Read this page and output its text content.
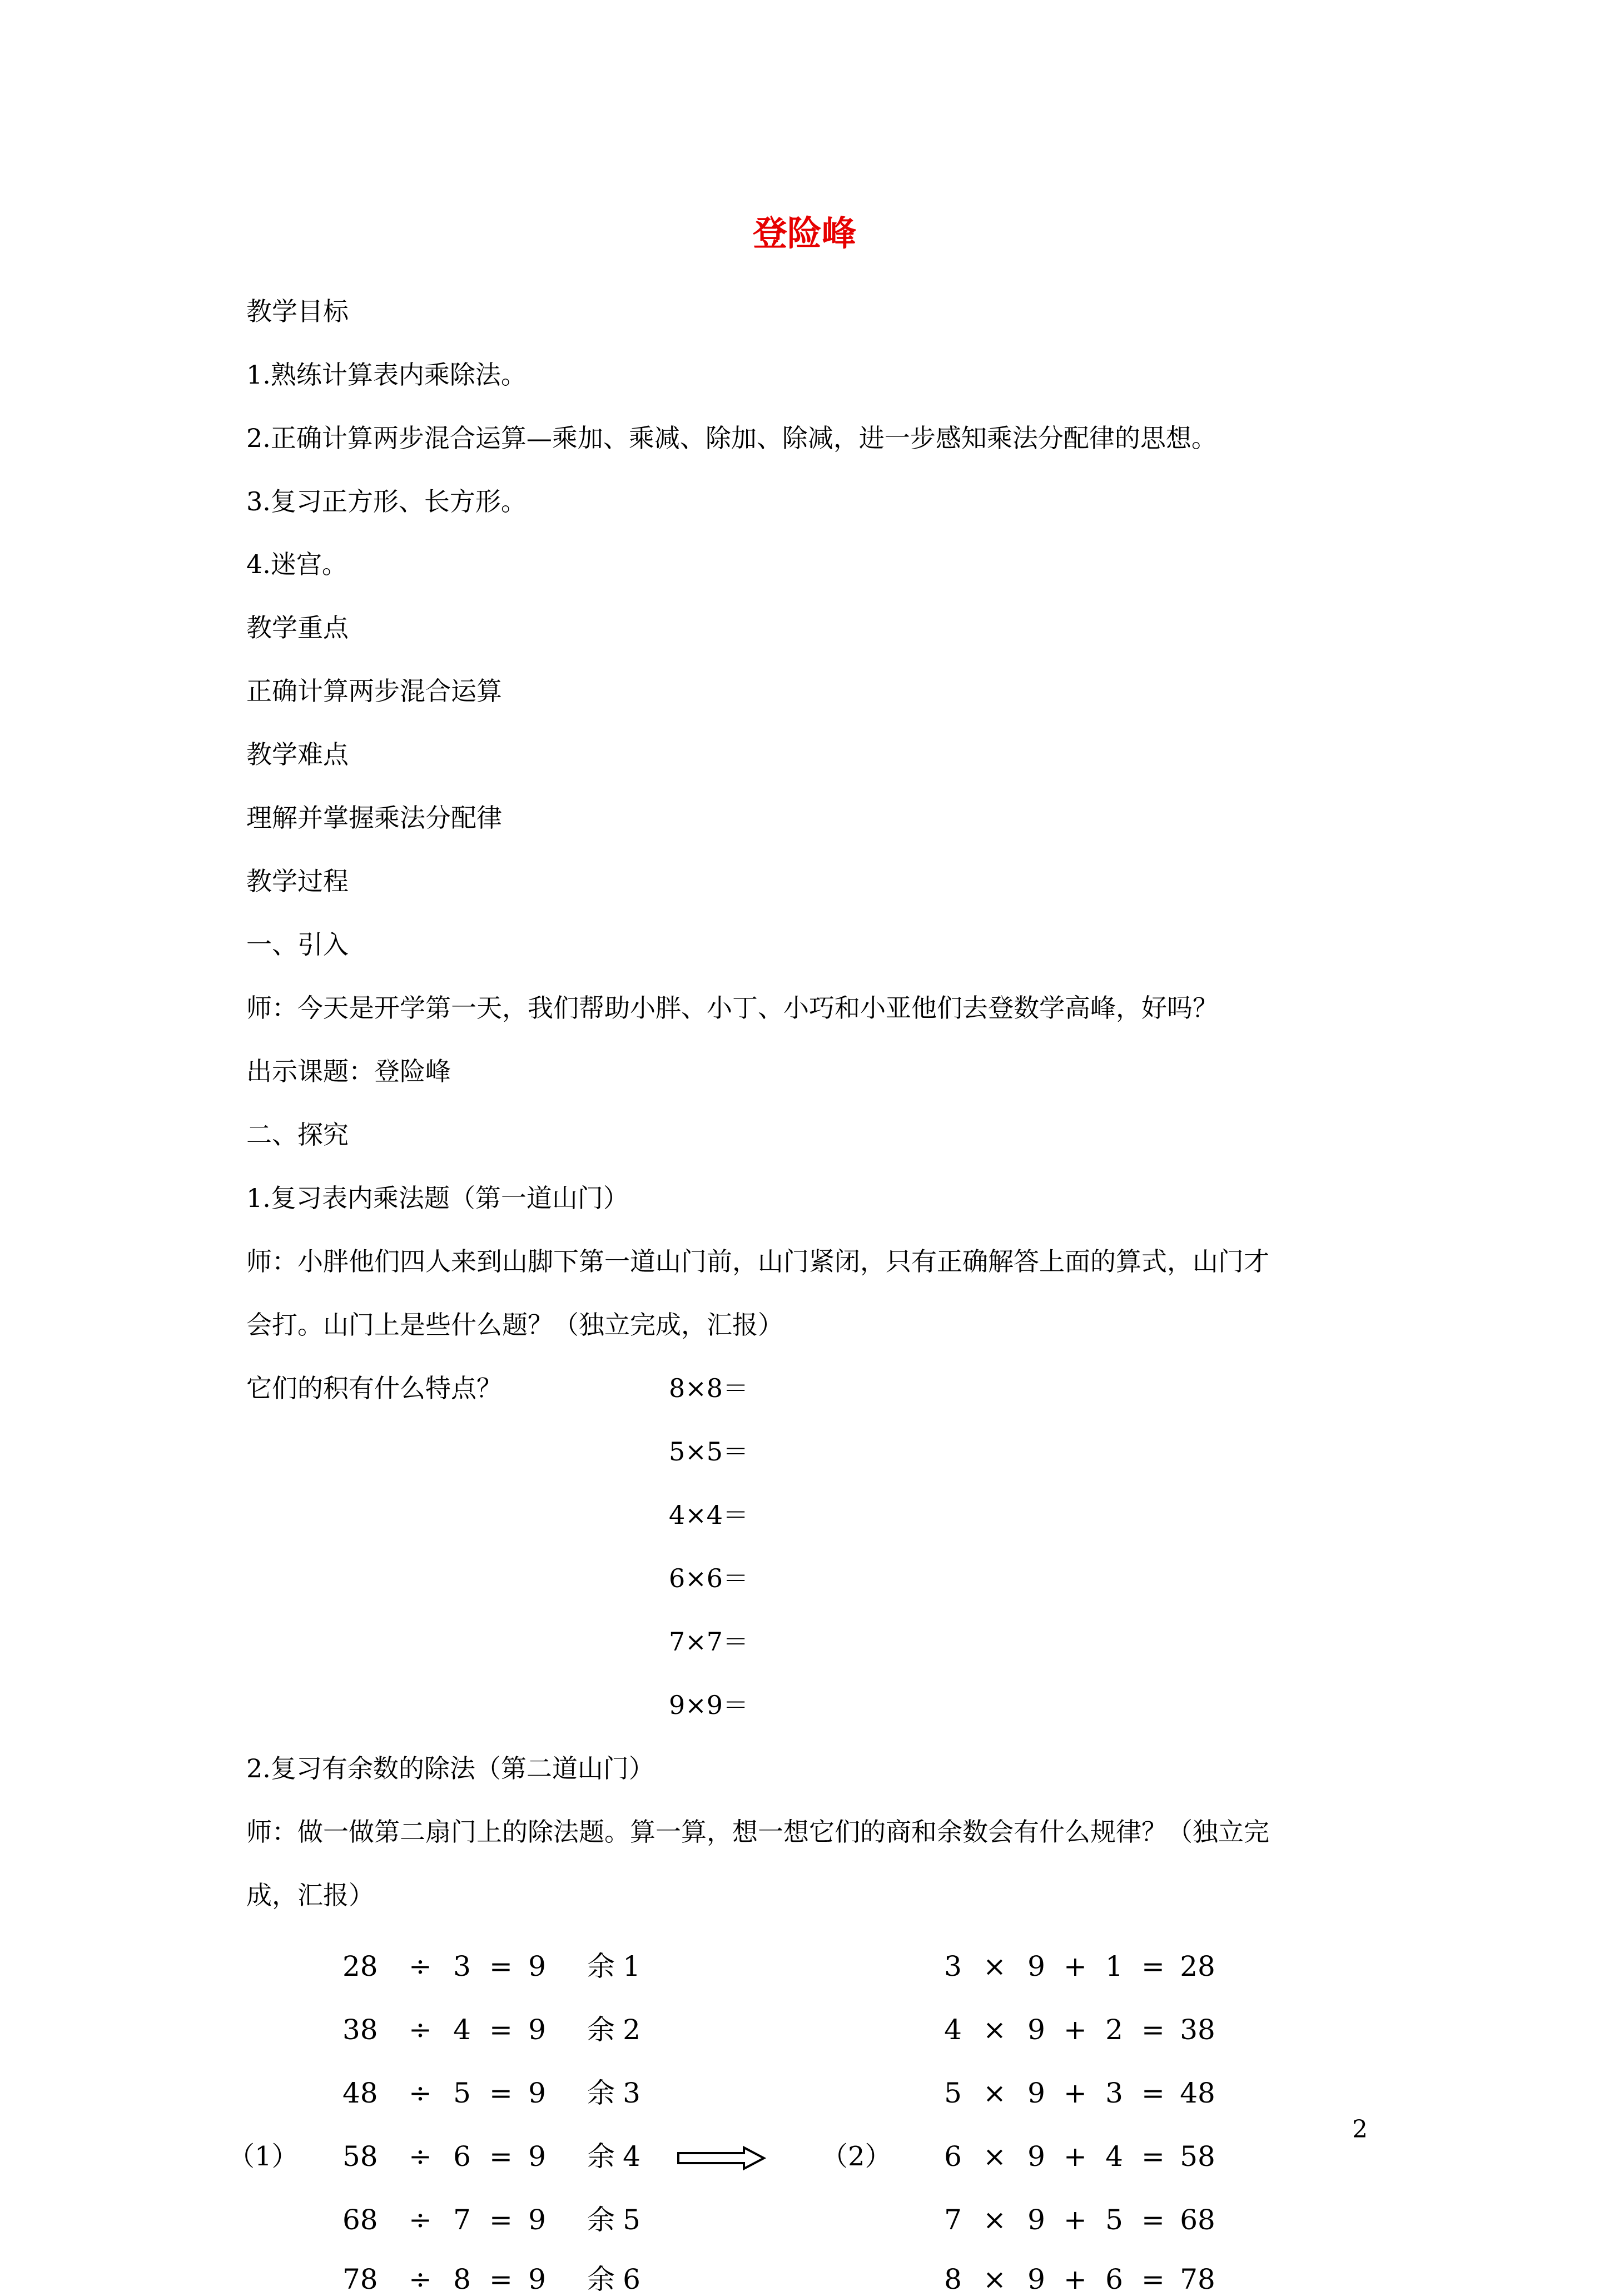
登险峰
教学目标
1.熟练计算表内乘除法。
2.正确计算两步混合运算—乘加、乘减、除加、除减，进一步感知乘法分配律的思想。
3.复习正方形、长方形。
4.迷宫。
教学重点
正确计算两步混合运算
教学难点
理解并掌握乘法分配律
教学过程
一、引入
师：今天是开学第一天，我们帮助小胖、小丁、小巧和小亚他们去登数学高峰，好吗？
出示课题：登险峰
二、探究
1.复习表内乘法题（第一道山门）
师：小胖他们四人来到山脚下第一道山门前，山门紧闭，只有正确解答上面的算式，山门才
会打。山门上是些什么题？（独立完成，汇报）
它们的积有什么特点？	8×8＝
5×5＝
4×4＝
6×6＝
7×7＝
9×9＝
2.复习有余数的除法（第二道山门）
师：做一做第二扇门上的除法题。算一算，想一想它们的商和余数会有什么规律？（独立完
成，汇报）
28 ÷ 3 = 9 余 1
38 ÷ 4 = 9 余 2
48 ÷ 5 = 9 余 3
58 ÷ 6 = 9 余 4
68 ÷ 7 = 9 余 5
78 ÷ 8 = 9 余 6
（1）	（2）
3 × 9 + 1 = 28
4 × 9 + 2 = 38
5 × 9 + 3 = 48
6 × 9 + 4 = 58
7 × 9 + 5 = 68
8 × 9 + 6 = 78
2
